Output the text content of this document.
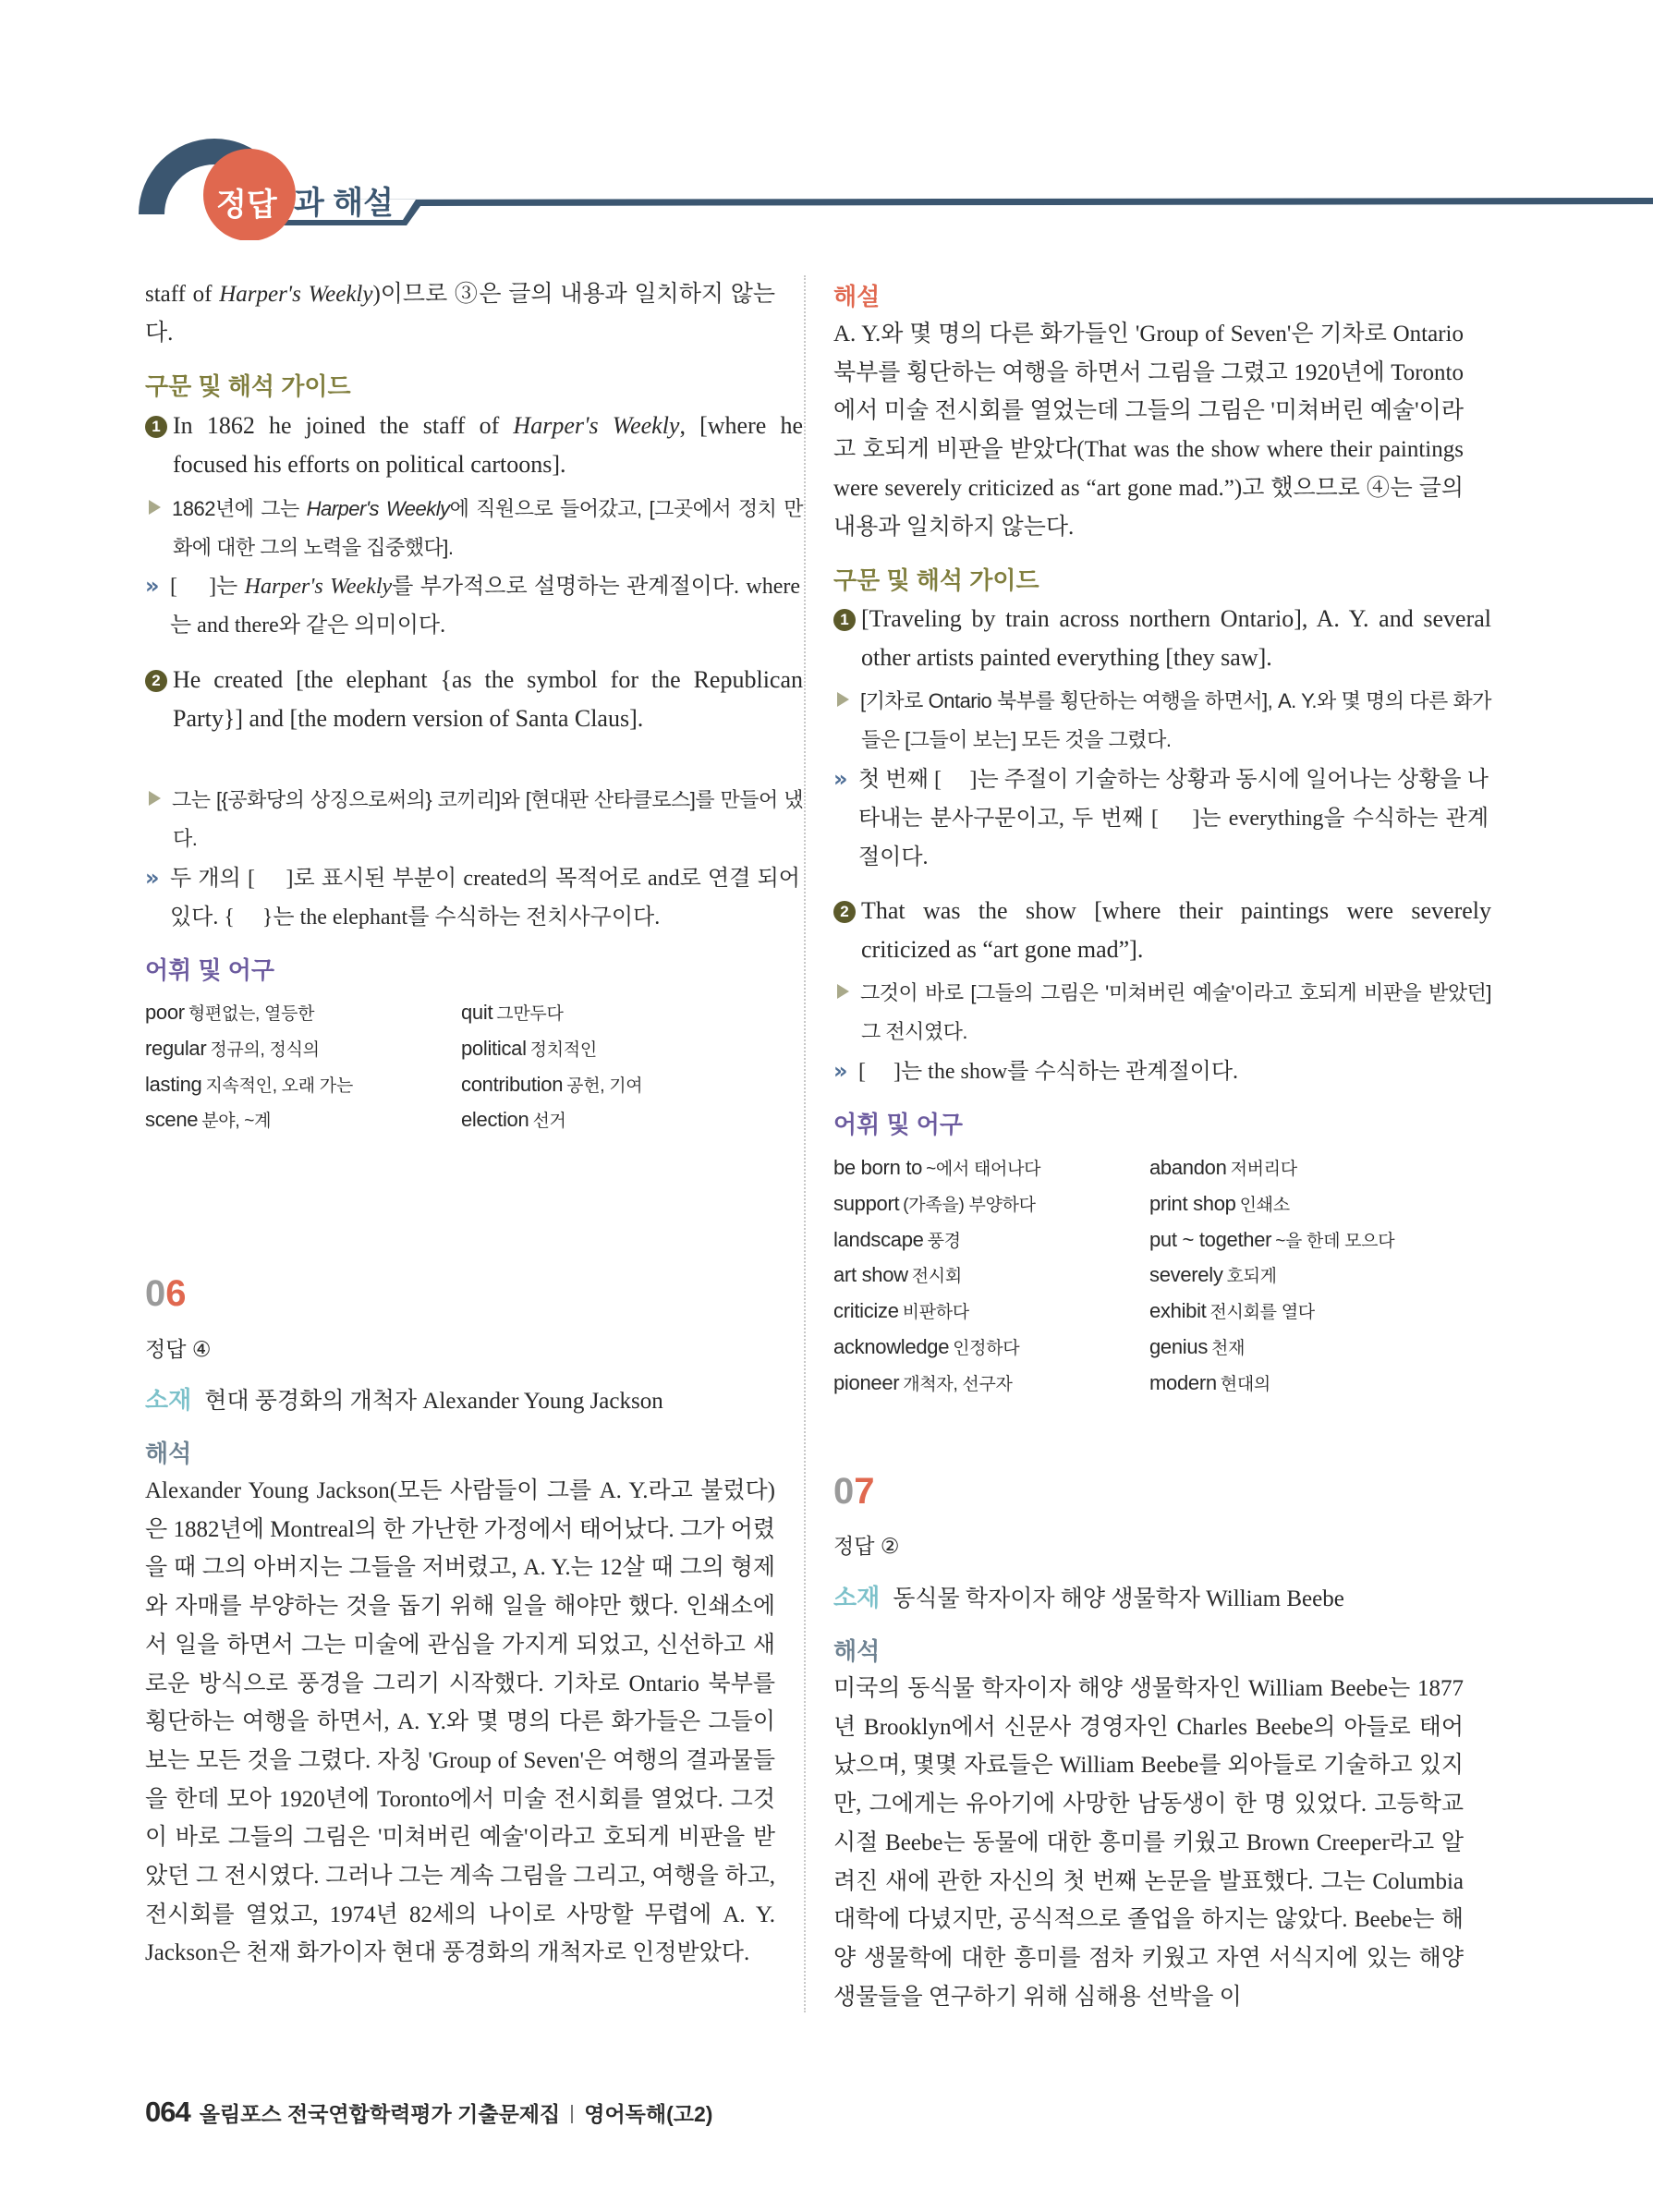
정답 과 해설
staff of Harper's Weekly)이므로 ③은 글의 내용과 일치하지 않는다.
구문 및 해석 가이드
1 In 1862 he joined the staff of Harper's Weekly, [where he focused his efforts on political cartoons].
1862년에 그는 Harper's Weekly에 직원으로 들어갔고, [그곳에서 정치 만화에 대한 그의 노력을 집중했다].
» [　 ]는 Harper's Weekly를 부가적으로 설명하는 관계절이다. where는 and there와 같은 의미이다.
2 He created [the elephant {as the symbol for the Republican Party}] and [the modern version of Santa Claus].
그는 [{공화당의 상징으로써의} 코끼리]와 [현대판 산타클로스]를 만들어 냈다.
» 두 개의 [　 ]로 표시된 부분이 created의 목적어로 and로 연결 되어 있다. {　 }는 the elephant를 수식하는 전치사구이다.
어휘 및 어구
poor 형편없는, 열등한	quit 그만두다
regular 정규의, 정식의	political 정치적인
lasting 지속적인, 오래 가는	contribution 공헌, 기여
scene 분야, ~계	election 선거
06
정답 ④
소재 현대 풍경화의 개척자 Alexander Young Jackson
해석
Alexander Young Jackson(모든 사람들이 그를 A. Y.라고 불렀다)은 1882년에 Montreal의 한 가난한 가정에서 태어났다. 그가 어렸을 때 그의 아버지는 그들을 저버렸고, A. Y.는 12살 때 그의 형제와 자매를 부양하는 것을 돕기 위해 일을 해야만 했다. 인쇄소에서 일을 하면서 그는 미술에 관심을 가지게 되었고, 신선하고 새로운 방식으로 풍경을 그리기 시작했다. 기차로 Ontario 북부를 횡단하는 여행을 하면서, A. Y.와 몇 명의 다른 화가들은 그들이 보는 모든 것을 그렸다. 자칭 'Group of Seven'은 여행의 결과물들을 한데 모아 1920년에 Toronto에서 미술 전시회를 열었다. 그것이 바로 그들의 그림은 '미쳐버린 예술'이라고 호되게 비판을 받았던 그 전시였다. 그러나 그는 계속 그림을 그리고, 여행을 하고, 전시회를 열었고, 1974년 82세의 나이로 사망할 무렵에 A. Y. Jackson은 천재 화가이자 현대 풍경화의 개척자로 인정받았다.
해설
A. Y.와 몇 명의 다른 화가들인 'Group of Seven'은 기차로 Ontario 북부를 횡단하는 여행을 하면서 그림을 그렸고 1920년에 Toronto에서 미술 전시회를 열었는데 그들의 그림은 '미쳐버린 예술'이라고 호되게 비판을 받았다(That was the show where their paintings were severely criticized as “art gone mad.”)고 했으므로 ④는 글의 내용과 일치하지 않는다.
구문 및 해석 가이드
1 [Traveling by train across northern Ontario], A. Y. and several other artists painted everything [they saw].
[기차로 Ontario 북부를 횡단하는 여행을 하면서], A. Y.와 몇 명의 다른 화가들은 [그들이 보는] 모든 것을 그렸다.
» 첫 번째 [　 ]는 주절이 기술하는 상황과 동시에 일어나는 상황을 나타내는 분사구문이고, 두 번째 [　 ]는 everything을 수식하는 관계절이다.
2 That was the show [where their paintings were severely criticized as “art gone mad”].
그것이 바로 [그들의 그림은 '미쳐버린 예술'이라고 호되게 비판을 받았던] 그 전시였다.
» [　 ]는 the show를 수식하는 관계절이다.
어휘 및 어구
be born to ~에서 태어나다	abandon 저버리다
support (가족을) 부양하다	print shop 인쇄소
landscape 풍경	put ~ together ~을 한데 모으다
art show 전시회	severely 호되게
criticize 비판하다	exhibit 전시회를 열다
acknowledge 인정하다	genius 천재
pioneer 개척자, 선구자	modern 현대의
07
정답 ②
소재 동식물 학자이자 해양 생물학자 William Beebe
해석
미국의 동식물 학자이자 해양 생물학자인 William Beebe는 1877년 Brooklyn에서 신문사 경영자인 Charles Beebe의 아들로 태어났으며, 몇몇 자료들은 William Beebe를 외아들로 기술하고 있지만, 그에게는 유아기에 사망한 남동생이 한 명 있었다. 고등학교 시절 Beebe는 동물에 대한 흥미를 키웠고 Brown Creeper라고 알려진 새에 관한 자신의 첫 번째 논문을 발표했다. 그는 Columbia 대학에 다녔지만, 공식적으로 졸업을 하지는 않았다. Beebe는 해양 생물학에 대한 흥미를 점차 키웠고 자연 서식지에 있는 해양 생물들을 연구하기 위해 심해용 선박을 이
064 올림포스 전국연합학력평가 기출문제집 영어독해(고2)
